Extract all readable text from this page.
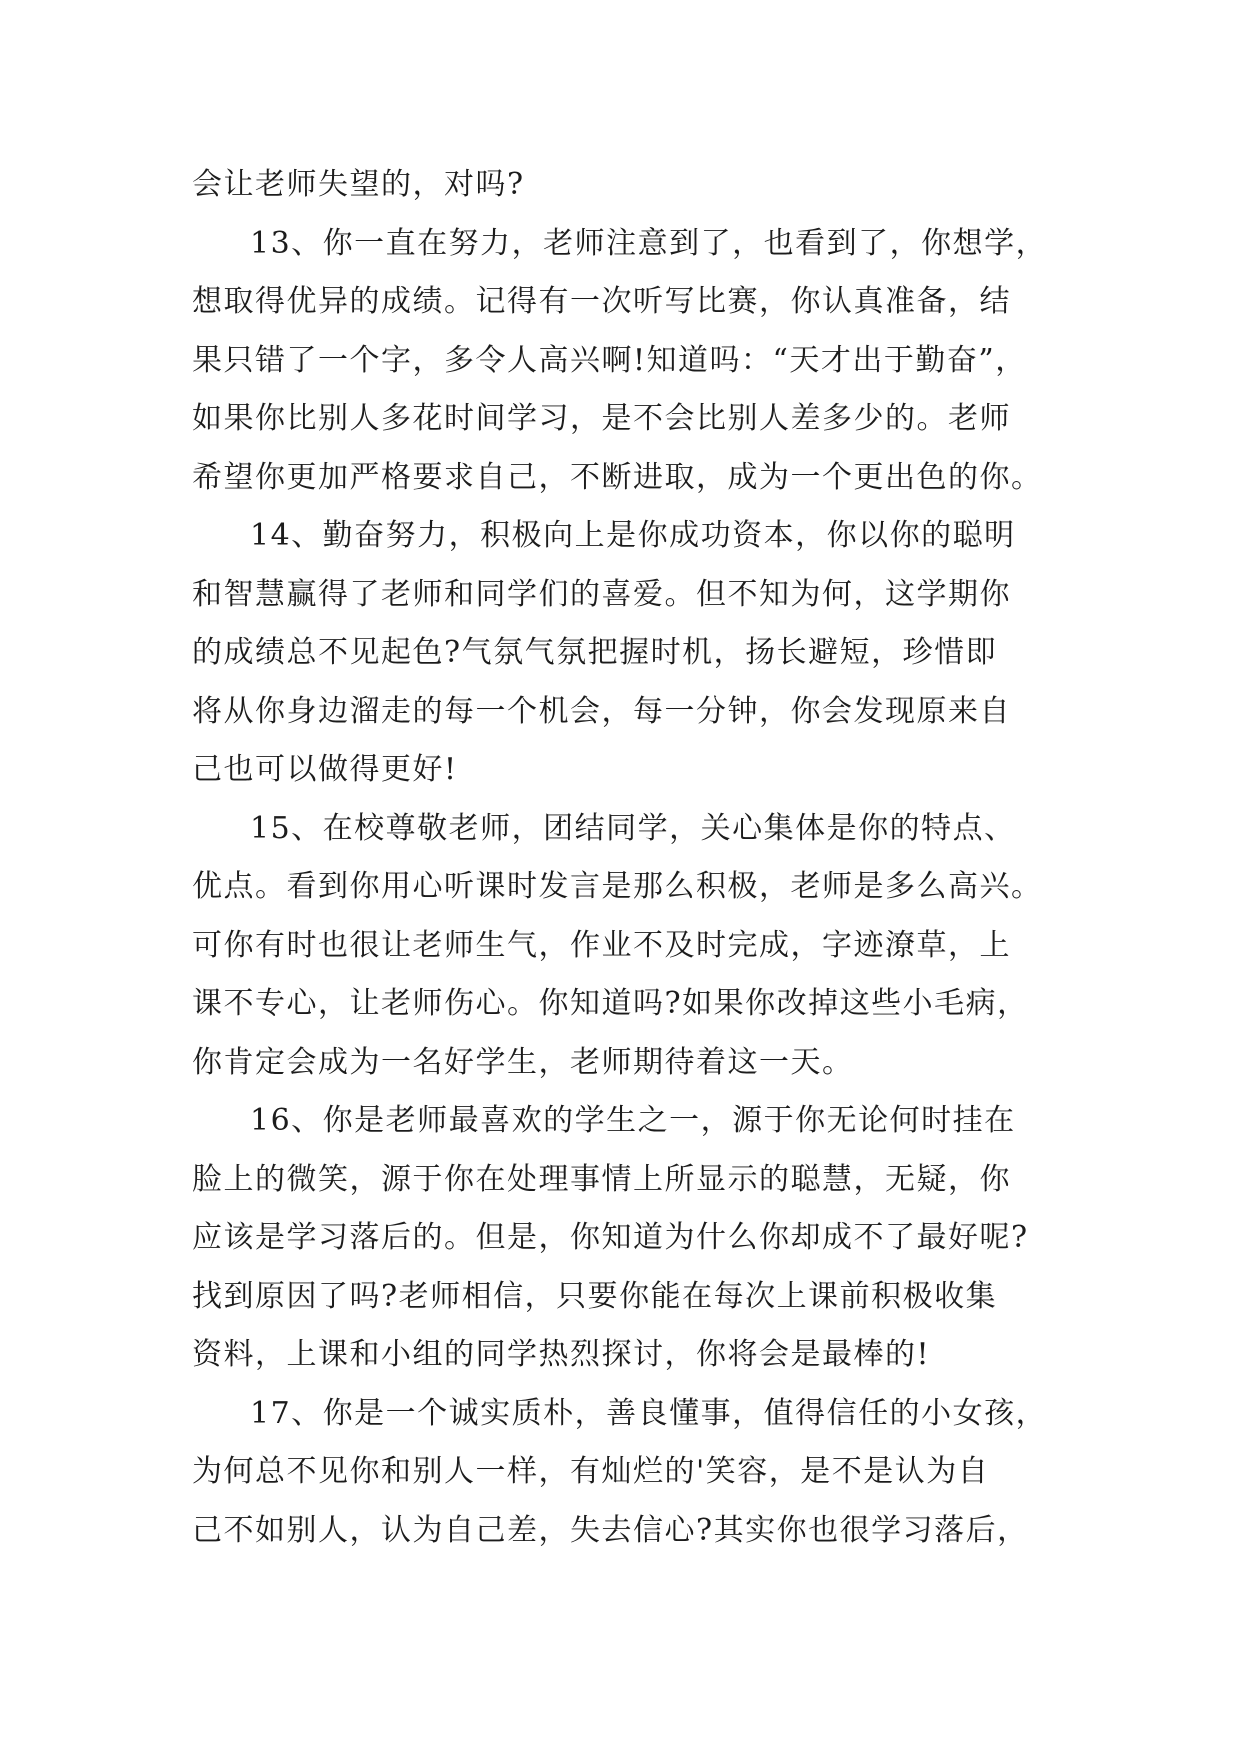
会让老师失望的，对吗?
13、你一直在努力，老师注意到了，也看到了，你想学，
想取得优异的成绩。记得有一次听写比赛，你认真准备，结
果只错了一个字，多令人高兴啊!知道吗：“天才出于勤奋”，
如果你比别人多花时间学习，是不会比别人差多少的。老师
希望你更加严格要求自己，不断进取，成为一个更出色的你。
14、勤奋努力，积极向上是你成功资本，你以你的聪明
和智慧赢得了老师和同学们的喜爱。但不知为何，这学期你
的成绩总不见起色?气氛气氛把握时机，扬长避短，珍惜即
将从你身边溜走的每一个机会，每一分钟，你会发现原来自
己也可以做得更好!
15、在校尊敬老师，团结同学，关心集体是你的特点、
优点。看到你用心听课时发言是那么积极，老师是多么高兴。
可你有时也很让老师生气，作业不及时完成，字迹潦草，上
课不专心，让老师伤心。你知道吗?如果你改掉这些小毛病，
你肯定会成为一名好学生，老师期待着这一天。
16、你是老师最喜欢的学生之一，源于你无论何时挂在
脸上的微笑，源于你在处理事情上所显示的聪慧，无疑，你
应该是学习落后的。但是，你知道为什么你却成不了最好呢?
找到原因了吗?老师相信，只要你能在每次上课前积极收集
资料，上课和小组的同学热烈探讨，你将会是最棒的!
17、你是一个诚实质朴，善良懂事，值得信任的小女孩，
为何总不见你和别人一样，有灿烂的'笑容，是不是认为自
己不如别人，认为自己差，失去信心?其实你也很学习落后，
